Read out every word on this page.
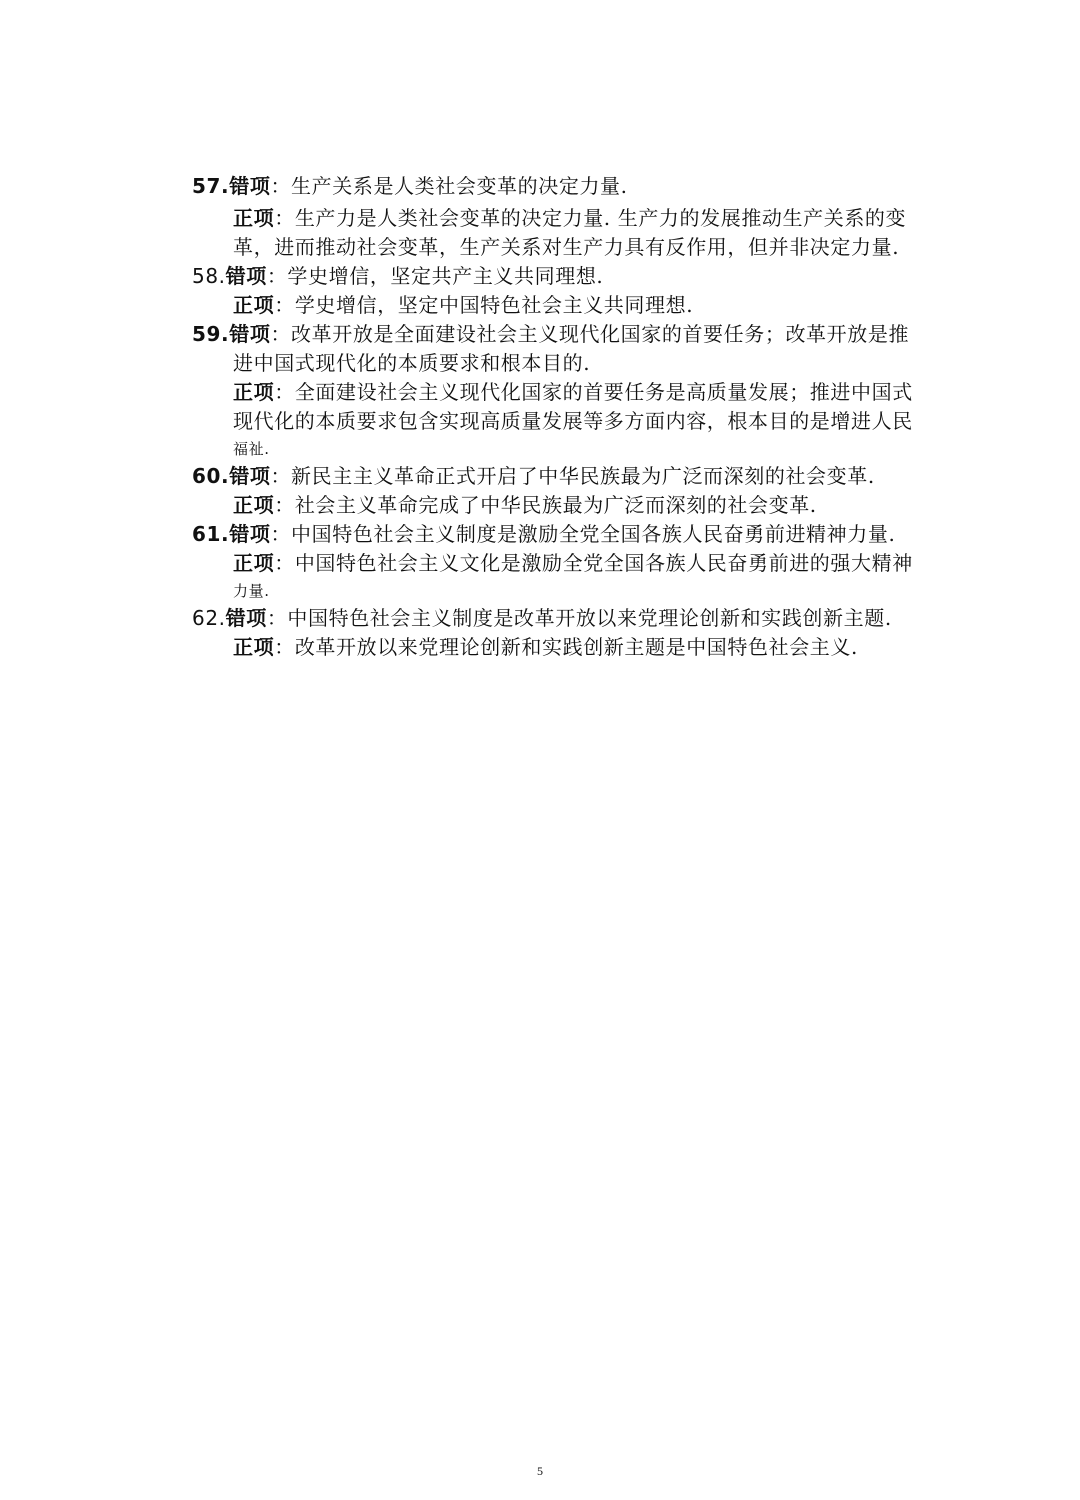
57.错项：生产关系是人类社会变革的决定力量.
正项：生产力是人类社会变革的决定力量. 生产力的发展推动生产关系的变
革，进而推动社会变革，生产关系对生产力具有反作用，但并非决定力量.
58.错项：学史增信，坚定共产主义共同理想.
正项：学史增信，坚定中国特色社会主义共同理想.
59.错项：改革开放是全面建设社会主义现代化国家的首要任务；改革开放是推
进中国式现代化的本质要求和根本目的.
正项：全面建设社会主义现代化国家的首要任务是高质量发展；推进中国式
现代化的本质要求包含实现高质量发展等多方面内容，根本目的是增进人民
福祉.
60.错项：新民主主义革命正式开启了中华民族最为广泛而深刻的社会变革.
正项：社会主义革命完成了中华民族最为广泛而深刻的社会变革.
61.错项：中国特色社会主义制度是激励全党全国各族人民奋勇前进精神力量.
正项：中国特色社会主义文化是激励全党全国各族人民奋勇前进的强大精神
力量.
62.错项：中国特色社会主义制度是改革开放以来党理论创新和实践创新主题.
正项：改革开放以来党理论创新和实践创新主题是中国特色社会主义.
5
